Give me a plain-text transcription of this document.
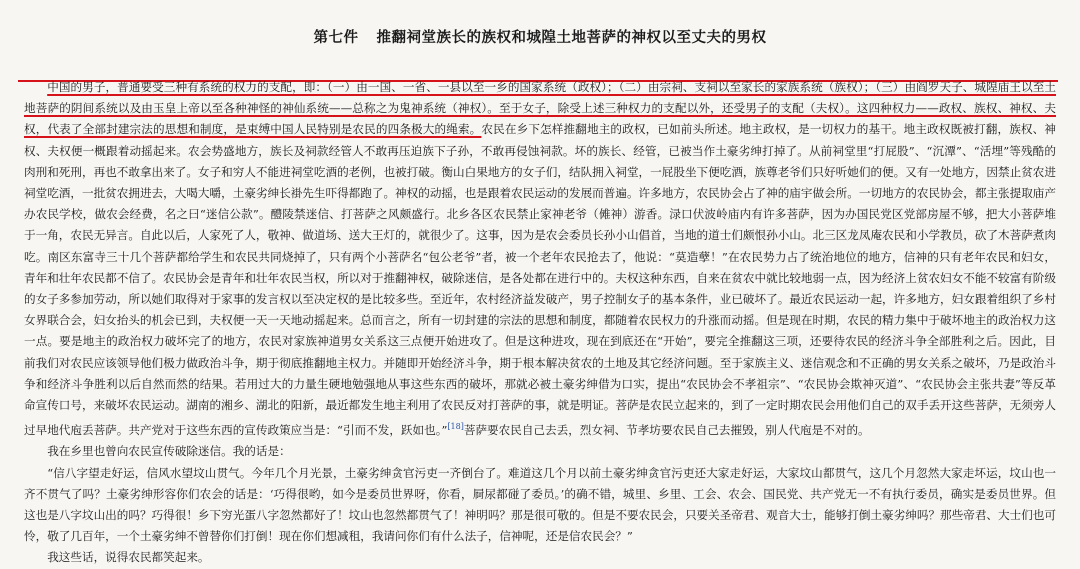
第七件 推翻祠堂族长的族权和城隍土地菩萨的神权以至丈夫的男权

中国的男子，普通要受三种有系统的权力的支配，即：（一）由一国、一省、一县以至一乡的国家系统（政权）；（二）由宗祠、支祠以至家长的家族系统（族权）；（三）由阎罗天子、城隍庙王以至土地菩萨的阴间系统以及由玉皇上帝以至各种神怪的神仙系统——总称之为鬼神系统（神权）。至于女子，除受上述三种权力的支配以外，还受男子的支配（夫权）。这四种权力——政权、族权、神权、夫权，代表了全部封建宗法的思想和制度，是束缚中国人民特别是农民的四条极大的绳索。农民在乡下怎样推翻地主的政权，已如前头所述。地主政权，是一切权力的基干。地主政权既被打翻，族权、神权、夫权便一概跟着动摇起来。农会势盛地方，族长及祠款经管人不敢再压迫族下子孙，不敢再侵蚀祠款。坏的族长、经管，已被当作土豪劣绅打掉了。从前祠堂里“打屁股”、“沉潭”、“活埋”等残酷的肉刑和死刑，再也不敢拿出来了。女子和穷人不能进祠堂吃酒的老例，也被打破。衡山白果地方的女子们，结队拥入祠堂，一屁股坐下便吃酒，族尊老爷们只好听她们的便。又有一处地方，因禁止贫农进祠堂吃酒，一批贫农拥进去，大喝大嚼，土豪劣绅长褂先生吓得都跑了。神权的动摇，也是跟着农民运动的发展而普遍。许多地方，农民协会占了神的庙宇做会所。一切地方的农民协会，都主张提取庙产办农民学校，做农会经费，名之曰“迷信公款”。醴陵禁迷信、打菩萨之风颇盛行。北乡各区农民禁止家神老爷（傩神）游香。渌口伏波岭庙内有许多菩萨，因为办国民党区党部房屋不够，把大小菩萨堆于一角，农民无异言。自此以后，人家死了人，敬神、做道场、送大王灯的，就很少了。这事，因为是农会委员长孙小山倡首，当地的道士们颇恨孙小山。北三区龙凤庵农民和小学教员，砍了木菩萨煮肉吃。南区东富寺三十几个菩萨都给学生和农民共同烧掉了，只有两个小菩萨名“包公老爷”者，被一个老年农民抢去了，他说：“莫造孽！”在农民势力占了统治地位的地方，信神的只有老年农民和妇女，青年和壮年农民都不信了。农民协会是青年和壮年农民当权，所以对于推翻神权，破除迷信，是各处都在进行中的。夫权这种东西，自来在贫农中就比较地弱一点，因为经济上贫农妇女不能不较富有阶级的女子多参加劳动，所以她们取得对于家事的发言权以至决定权的是比较多些。至近年，农村经济益发破产，男子控制女子的基本条件，业已破坏了。最近农民运动一起，许多地方，妇女跟着组织了乡村女界联合会，妇女抬头的机会已到，夫权便一天一天地动摇起来。总而言之，所有一切封建的宗法的思想和制度，都随着农民权力的升涨而动摇。但是现在时期，农民的精力集中于破坏地主的政治权力这一点。要是地主的政治权力破坏完了的地方，农民对家族神道男女关系这三点便开始进攻了。但是这种进攻，现在到底还在“开始”，要完全推翻这三项，还要待农民的经济斗争全部胜利之后。因此，目前我们对农民应该领导他们极力做政治斗争，期于彻底推翻地主权力。并随即开始经济斗争，期于根本解决贫农的土地及其它经济问题。至于家族主义、迷信观念和不正确的男女关系之破坏，乃是政治斗争和经济斗争胜利以后自然而然的结果。若用过大的力量生硬地勉强地从事这些东西的破坏，那就必被土豪劣绅借为口实，提出“农民协会不孝祖宗”、“农民协会欺神灭道”、“农民协会主张共妻”等反革命宣传口号，来破坏农民运动。湖南的湘乡、湖北的阳新，最近都发生地主利用了农民反对打菩萨的事，就是明证。菩萨是农民立起来的，到了一定时期农民会用他们自己的双手丢开这些菩萨，无须旁人过早地代庖丢菩萨。共产党对于这些东西的宣传政策应当是：“引而不发，跃如也。”[18]菩萨要农民自己去丢，烈女祠、节孝坊要农民自己去摧毁，别人代庖是不对的。

我在乡里也曾向农民宣传破除迷信。我的话是：

“信八字望走好运，信风水望坟山贯气。今年几个月光景，土豪劣绅贪官污吏一齐倒台了。难道这几个月以前土豪劣绅贪官污吏还大家走好运，大家坟山都贯气，这几个月忽然大家走坏运，坟山也一齐不贯气了吗？土豪劣绅形容你们农会的话是：‘巧得很哟，如今是委员世界呀，你看，屙尿都碰了委员。’的确不错，城里、乡里、工会、农会、国民党、共产党无一不有执行委员，确实是委员世界。但这也是八字坟山出的吗？巧得很！乡下穷光蛋八字忽然都好了！坟山也忽然都贯气了！神明吗？那是很可敬的。但是不要农民会，只要关圣帝君、观音大士，能够打倒土豪劣绅吗？那些帝君、大士们也可怜，敬了几百年，一个土豪劣绅不曾替你们打倒！现在你们想减租，我请问你们有什么法子，信神呢，还是信农民会？”

我这些话，说得农民都笑起来。
